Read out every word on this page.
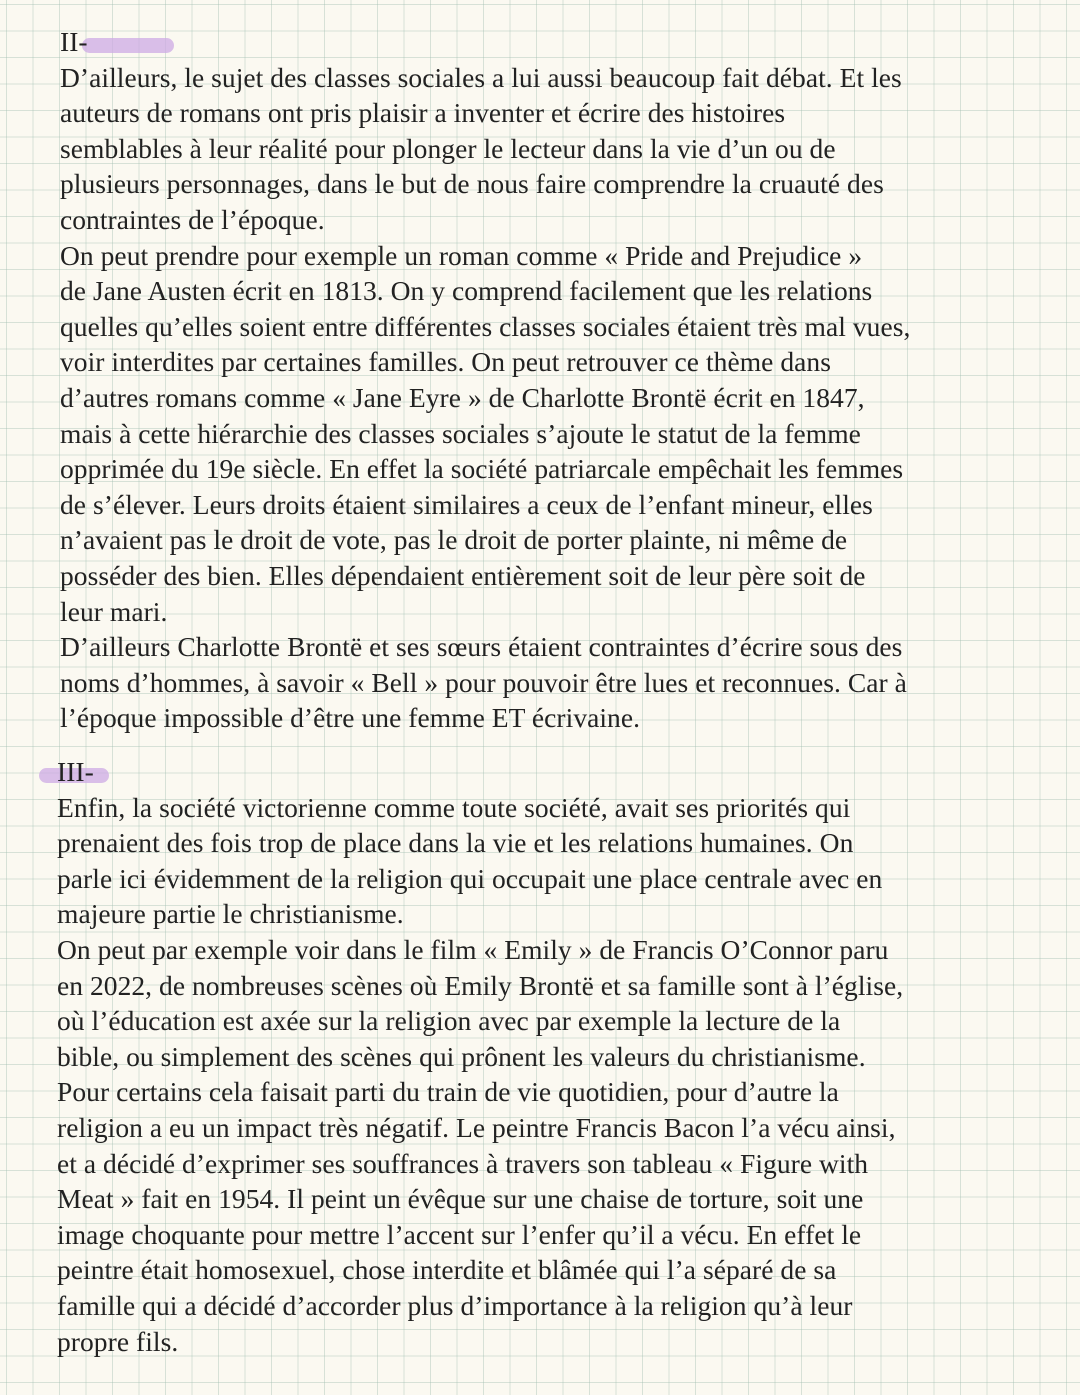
II-

D’ailleurs, le sujet des classes sociales a lui aussi beaucoup fait débat. Et les
auteurs de romans ont pris plaisir a inventer et écrire des histoires
semblables à leur réalité pour plonger le lecteur dans la vie d’un ou de
plusieurs personnages, dans le but de nous faire comprendre la cruauté des
contraintes de l’époque.

On peut prendre pour exemple un roman comme « Pride and Prejudice »
de Jane Austen écrit en 1813. On y comprend facilement que les relations
quelles qu’elles soient entre différentes classes sociales étaient très mal vues,
voir interdites par certaines familles. On peut retrouver ce thème dans
d’autres romans comme « Jane Eyre » de Charlotte Brontë écrit en 1847,
mais à cette hiérarchie des classes sociales s’ajoute le statut de la femme
opprimée du 19e siècle. En effet la société patriarcale empêchait les femmes
de s’élever. Leurs droits étaient similaires a ceux de l’enfant mineur, elles
n’avaient pas le droit de vote, pas le droit de porter plainte, ni même de
posséder des bien. Elles dépendaient entièrement soit de leur père soit de
leur mari.

D’ailleurs Charlotte Brontë et ses sœurs étaient contraintes d’écrire sous des
noms d’hommes, à savoir « Bell » pour pouvoir être lues et reconnues. Car à
l’époque impossible d’être une femme ET écrivaine.

III-

Enfin, la société victorienne comme toute société, avait ses priorités qui
prenaient des fois trop de place dans la vie et les relations humaines. On
parle ici évidemment de la religion qui occupait une place centrale avec en
majeure partie le christianisme.

On peut par exemple voir dans le film « Emily » de Francis O’Connor paru
en 2022, de nombreuses scènes où Emily Brontë et sa famille sont à l’église,
où l’éducation est axée sur la religion avec par exemple la lecture de la
bible, ou simplement des scènes qui prônent les valeurs du christianisme.
Pour certains cela faisait parti du train de vie quotidien, pour d’autre la
religion a eu un impact très négatif. Le peintre Francis Bacon l’a vécu ainsi,
et a décidé d’exprimer ses souffrances à travers son tableau « Figure with
Meat » fait en 1954. Il peint un évêque sur une chaise de torture, soit une
image choquante pour mettre l’accent sur l’enfer qu’il a vécu. En effet le
peintre était homosexuel, chose interdite et blâmée qui l’a séparé de sa
famille qui a décidé d’accorder plus d’importance à la religion qu’à leur
propre fils.
